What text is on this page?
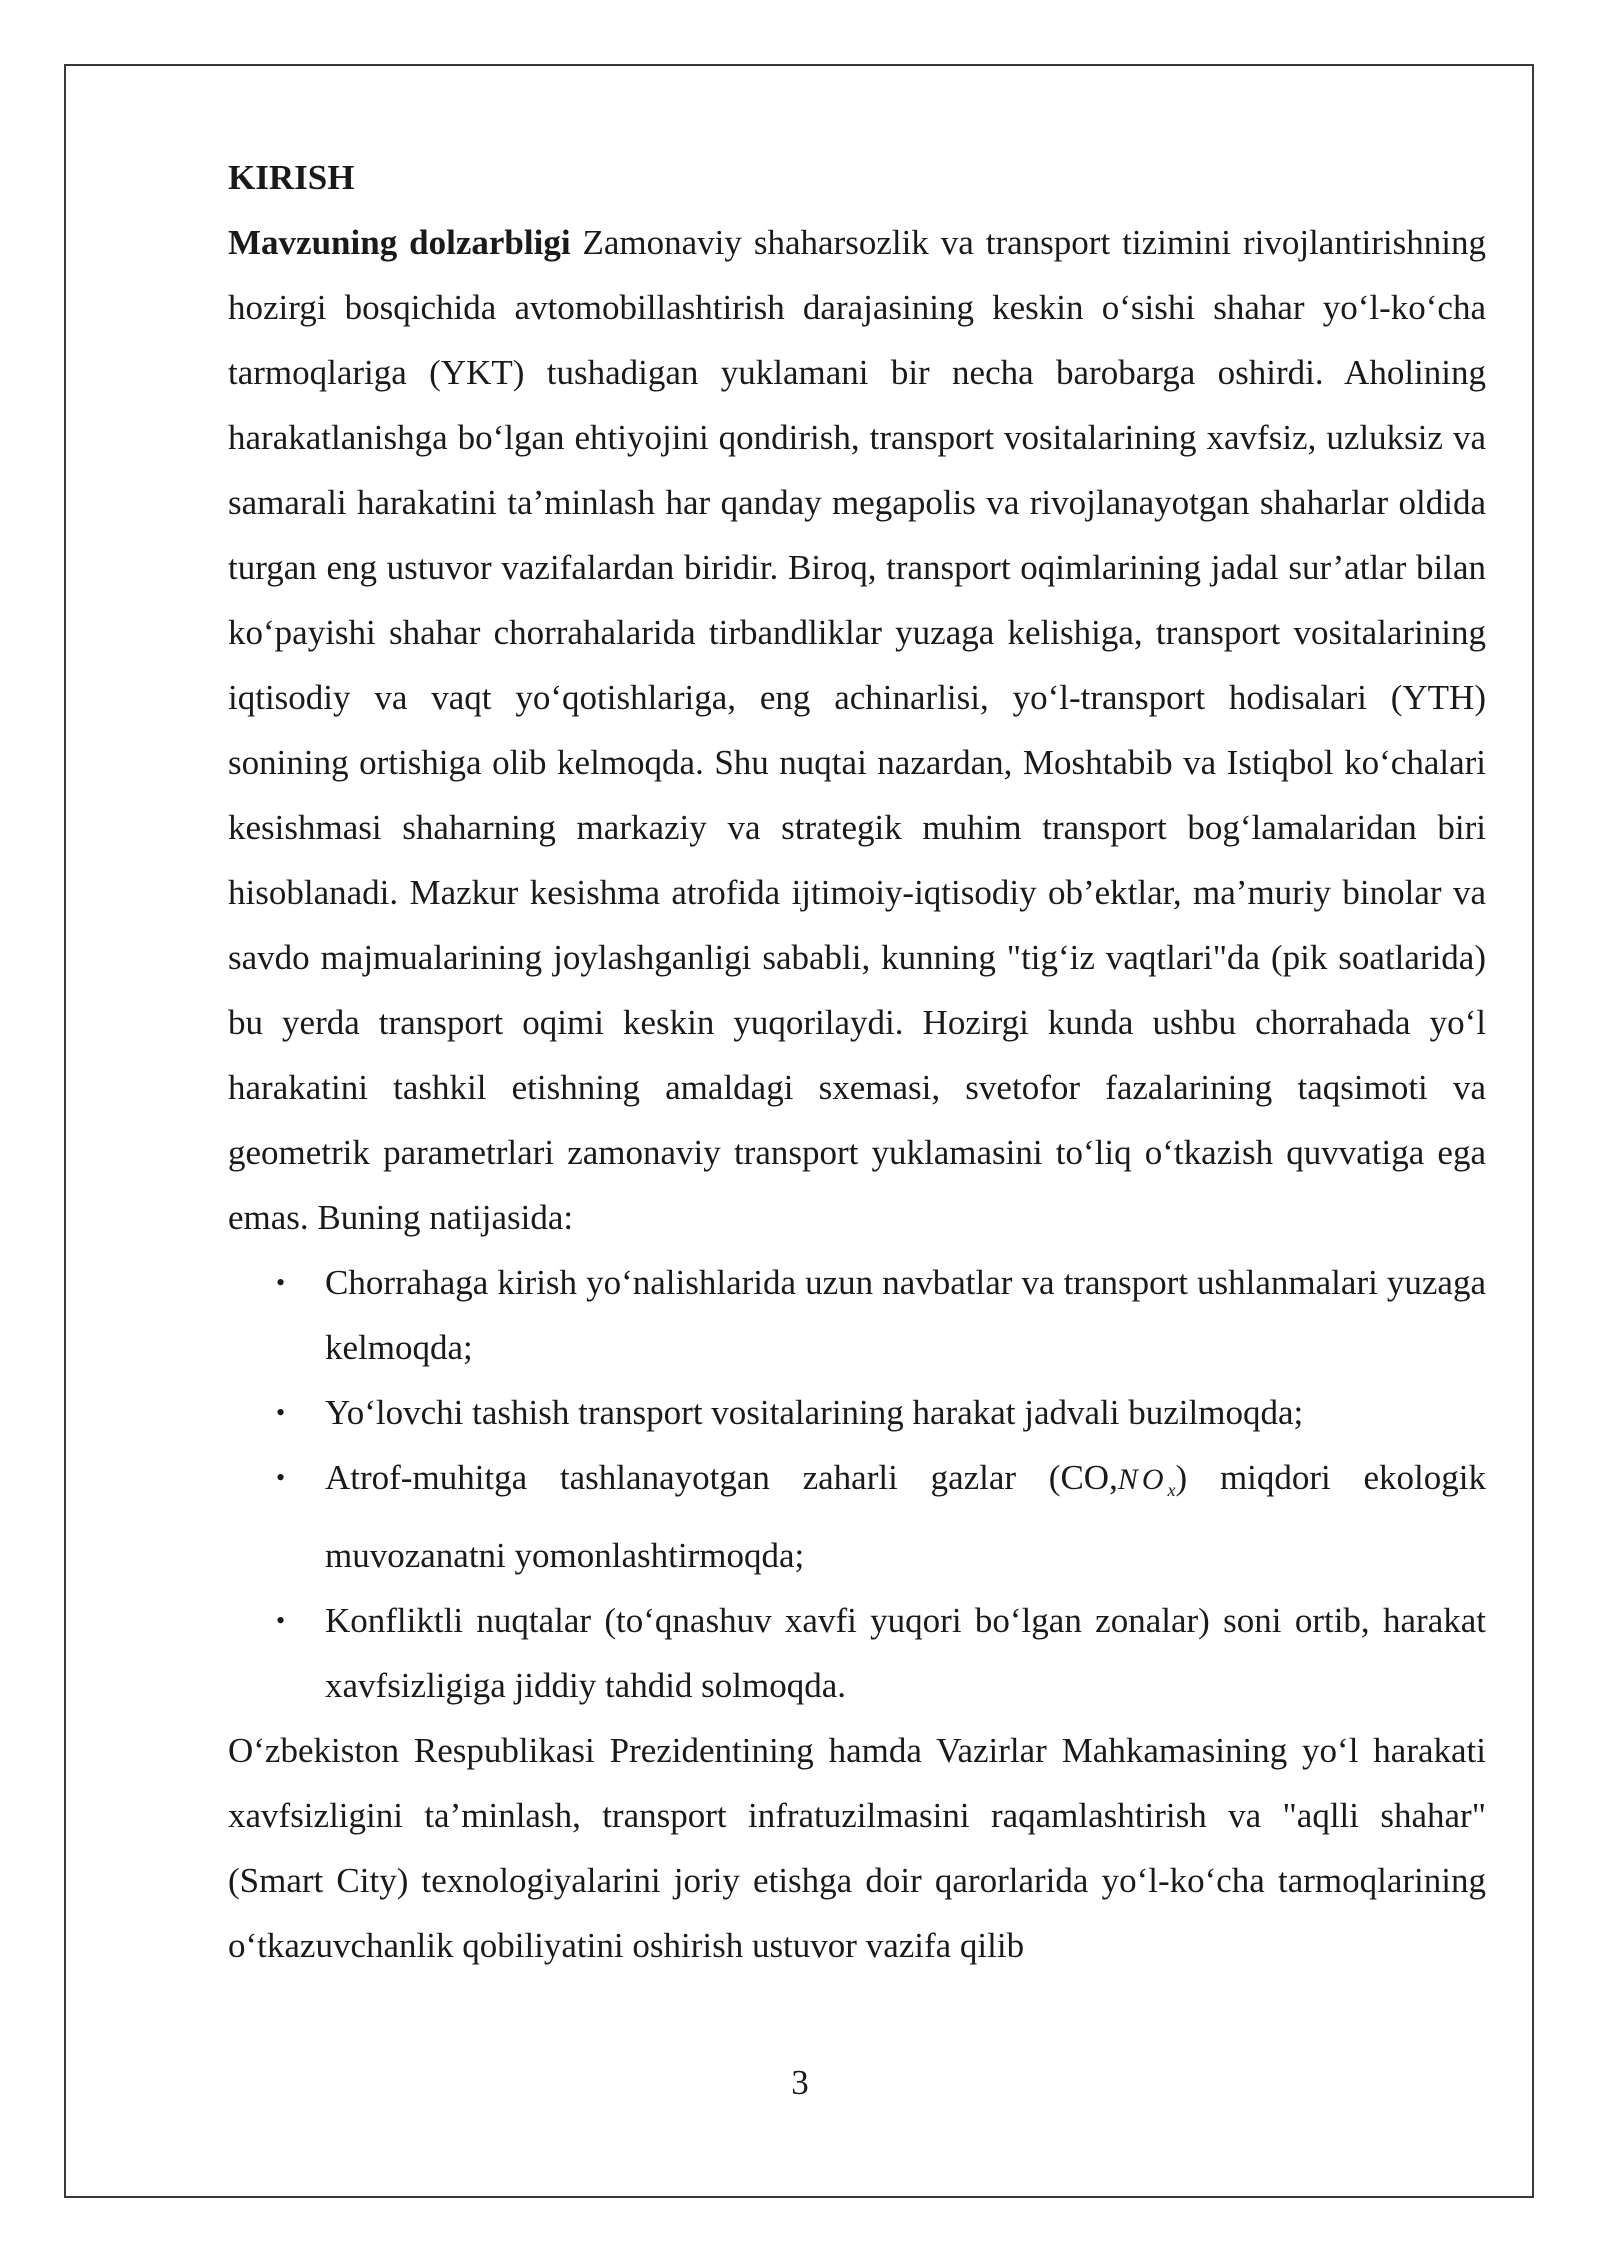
KIRISH

Mavzuning dolzarbligi Zamonaviy shaharsozlik va transport tizimini rivojlantirishning hozirgi bosqichida avtomobillashtirish darajasining keskin o‘sishi shahar yo‘l-ko‘cha tarmoqlariga (YKT) tushadigan yuklamani bir necha barobarga oshirdi. Aholining harakatlanishga bo‘lgan ehtiyojini qondirish, transport vositalarining xavfsiz, uzluksiz va samarali harakatini ta’minlash har qanday megapolis va rivojlanayotgan shaharlar oldida turgan eng ustuvor vazifalardan biridir. Biroq, transport oqimlarining jadal sur’atlar bilan ko‘payishi shahar chorrahalarida tirbandliklar yuzaga kelishiga, transport vositalarining iqtisodiy va vaqt yo‘qotishlariga, eng achinarlisi, yo‘l-transport hodisalari (YTH) sonining ortishiga olib kelmoqda. Shu nuqtai nazardan, Moshtabib va Istiqbol ko‘chalari kesishmasi shaharning markaziy va strategik muhim transport bog‘lamalaridan biri hisoblanadi. Mazkur kesishma atrofida ijtimoiy-iqtisodiy ob’ektlar, ma’muriy binolar va savdo majmualarining joylashganligi sababli, kunning "tig‘iz vaqtlari"da (pik soatlarida) bu yerda transport oqimi keskin yuqorilaydi. Hozirgi kunda ushbu chorrahada yo‘l harakatini tashkil etishning amaldagi sxemasi, svetofor fazalarining taqsimoti va geometrik parametrlari zamonaviy transport yuklamasini to‘liq o‘tkazish quvvatiga ega emas. Buning natijasida:

• Chorrahaga kirish yo‘nalishlarida uzun navbatlar va transport ushlanmalari yuzaga kelmoqda;
• Yo‘lovchi tashish transport vositalarining harakat jadvali buzilmoqda;
• Atrof-muhitga tashlanayotgan zaharli gazlar $(CO,NO_x)$ miqdori ekologik muvozanatni yomonlashtirmoqda;
• Konfliktli nuqtalar (to‘qnashuv xavfi yuqori bo‘lgan zonalar) soni ortib, harakat xavfsizligiga jiddiy tahdid solmoqda.

O‘zbekiston Respublikasi Prezidentining hamda Vazirlar Mahkamasining yo‘l harakati xavfsizligini ta’minlash, transport infratuzilmasini raqamlashtirish va "aqlli shahar" (Smart City) texnologiyalarini joriy etishga doir qarorlarida yo‘l-ko‘cha tarmoqlarining o‘tkazuvchanlik qobiliyatini oshirish ustuvor vazifa qilib

3
